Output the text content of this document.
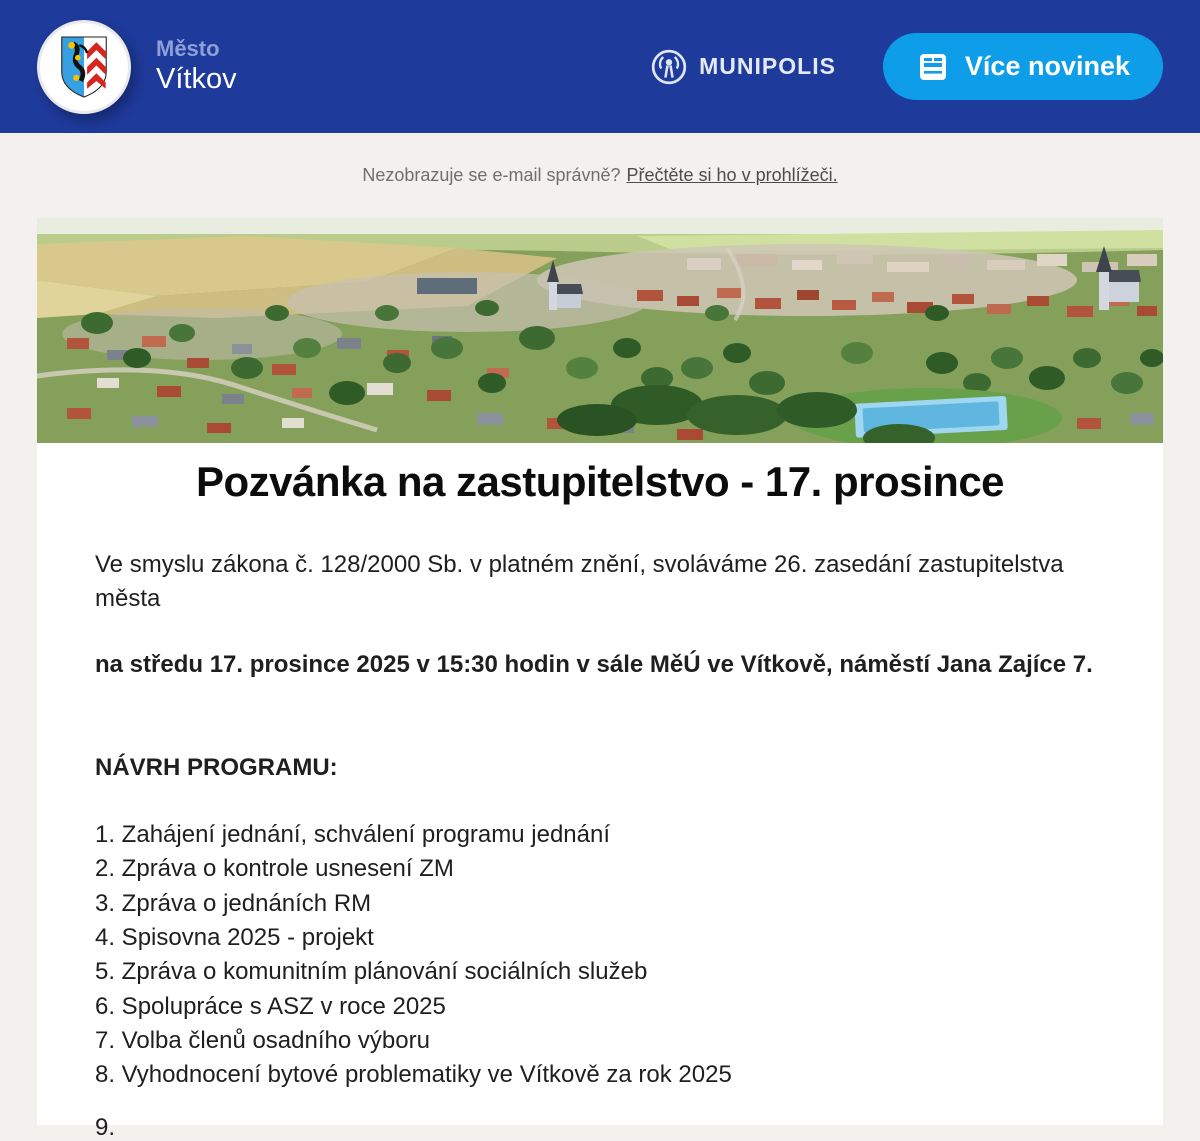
Město
Vítkov	MUNIPOLIS	Více novinek
Nezobrazuje se e-mail správně? Přečtěte si ho v prohlížeči.
Pozvánka na zastupitelstvo - 17. prosince

Ve smyslu zákona č. 128/2000 Sb. v platném znění, svoláváme 26. zasedání zastupitelstva města

na středu 17. prosince 2025 v 15:30 hodin v sále MěÚ ve Vítkově, náměstí Jana Zajíce 7.

NÁVRH PROGRAMU:

1. Zahájení jednání, schválení programu jednání
2. Zpráva o kontrole usnesení ZM
3. Zpráva o jednáních RM
4. Spisovna 2025 - projekt
5. Zpráva o komunitním plánování sociálních služeb
6. Spolupráce s ASZ v roce 2025
7. Volba členů osadního výboru
8. Vyhodnocení bytové problematiky ve Vítkově za rok 2025
9.
